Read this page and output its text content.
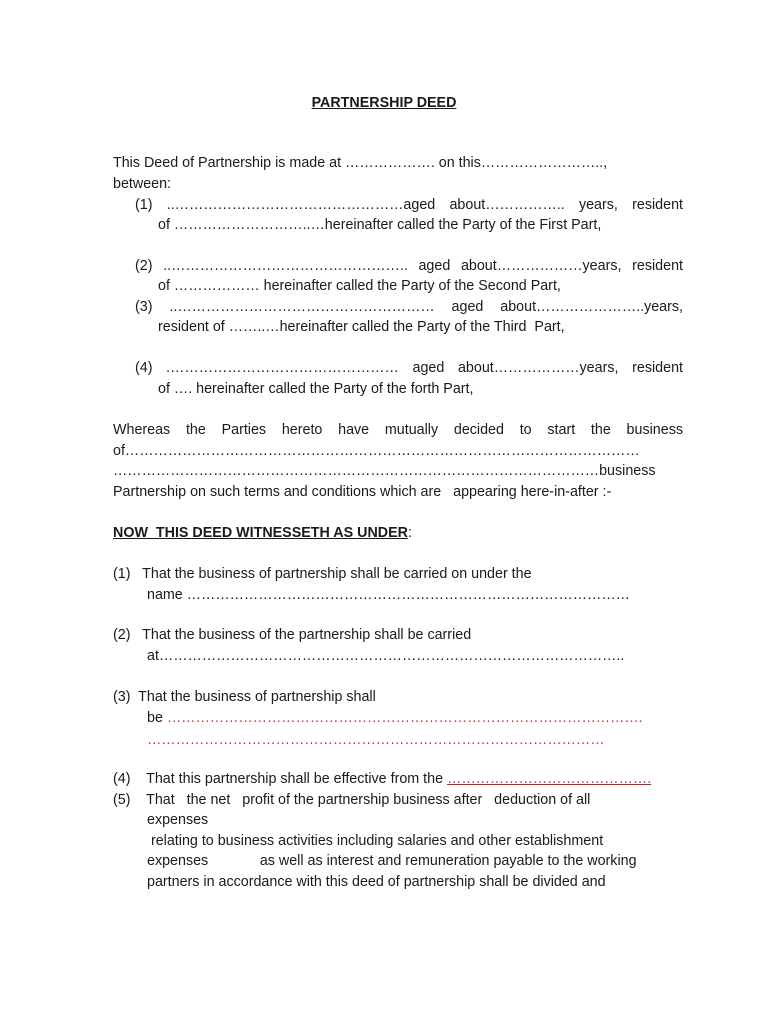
PARTNERSHIP DEED
This Deed of Partnership is made at ………………. on this……………………..,
between:
(1) ..…………………………………………aged about…………….. years, resident
of ………………………..…hereinafter called the Party of the First Part,
(2) ..………………………………………….. aged about………………years, resident
of ……………… hereinafter called the Party of the Second Part,
(3) ..……………………………………………… aged about…………………..years,
resident of ……..…hereinafter called the Party of the Third  Part,
(4) .………………………………………… aged about………………years, resident
of …. hereinafter called the Party of the forth Part,
Whereas the Parties hereto have mutually decided to start the business
of………………………………………………………………………………………………
…………………………………………………………………………………………business
Partnership on such terms and conditions which are   appearing here-in-after :-
NOW  THIS DEED WITNESSETH AS UNDER:
(1)   That the business of partnership shall be carried on under the
name …………………………………………………………………………………
(2)   That the business of the partnership shall be carried
at……………………………………………………………………………………..
(3)  That the business of partnership shall
be ……………………………………………………………………………………….
……………………………………………………………………………………
(4)    That this partnership shall be effective from the …………………………………….
(5)    That   the net   profit of the partnership business after   deduction of all
expenses
relating to business activities including salaries and other establishment
expenses             as well as interest and remuneration payable to the working
partners in accordance with this deed of partnership shall be divided and
